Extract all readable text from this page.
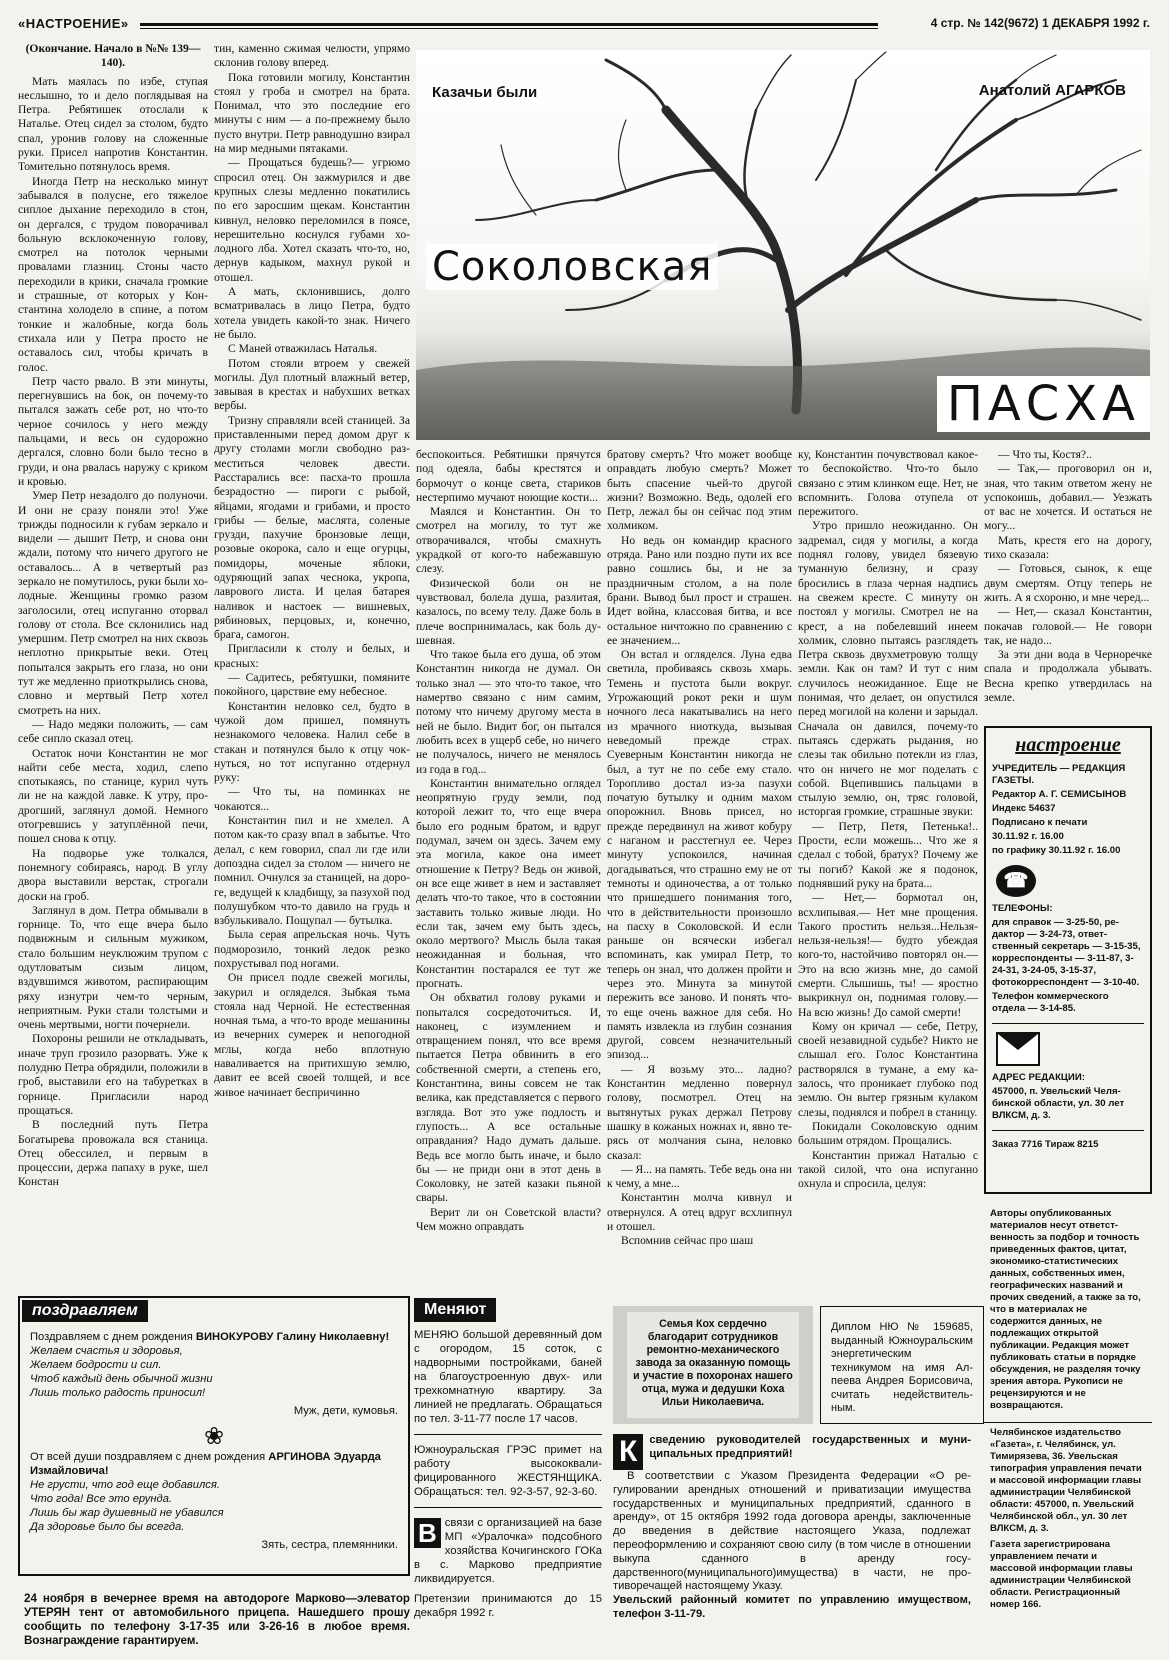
«НАСТРОЕНИЕ»	4 стр. № 142(9672) 1 ДЕКАБРЯ 1992 г.
Казачьи были	Анатолий АГАРКОВ
Соколовская
ПАСХА

(Окончание. Начало в №№ 139—140).

Мать маялась по избе, ступая неслышно, то и дело поглядывая на Петра. Ребятишек отослали к Наталье. Отец сидел за столом, будто спал, уронив голову на сложенные руки. Присел напротив Константин. Томительно потянулось время.

Иногда Петр на несколько минут забывался в полусне, его тяжелое сиплое дыхание переходило в стон, он дергался, с трудом поворачивал больную всклокоченную голову, смотрел на потолок черными провалами глазниц. Стоны часто переходили в крики, сначала громкие и страшные, от которых у Константина холодело в спине, а потом тонкие и жалобные, когда боль стихала или у Петра просто не оставалось сил, чтобы кричать в голос.

Петр часто рвало. В эти минуты, перегнувшись на бок, он почему-то пытался зажать себе рот, но что-то черное сочилось у него между пальцами, и весь он судорожно дергался, словно боли было тесно в груди, и она рвалась наружу с криком и кровью.

Умер Петр незадолго до полуночи. И они не сразу поняли это! Уже трижды подносили к губам зеркало и видели — дышит Петр, и снова они ждали, потому что ничего другого не оставалось... А в четвертый раз зеркало не помутилось, руки были холодные. Женщины громко разом заголосили, отец испуганно оторвал голову от стола. Все склонились над умершим. Петр смотрел на них сквозь неплотно прикрытые веки. Отец попытался закрыть его глаза, но они тут же медленно приоткрылись снова, словно и мертвый Петр хотел смотреть на них.

— Надо медяки положить, — сам себе сипло сказал отец.

Остаток ночи Константин не мог найти себе места, ходил, слепо спотыкаясь, по станице, курил чуть ли не на каждой лавке. К утру, продрогший, заглянул домой. Немного отогревшись у затуплённой печи, пошел снова к отцу.

На подворье уже толкался, понемногу собираясь, народ. В углу двора выставили верстак, строгали доски на гроб.

Заглянул в дом. Петра обмывали в горнице. То, что еще вчера было подвижным и сильным мужиком, стало большим неуклюжим трупом с одутловатым сизым лицом, вздувшимся животом, распирающим ряху изнутри чем-то черным, неприятным. Руки стали толстыми и очень мертвыми, ногти почернели.

Похороны решили не откладывать, иначе труп грозило разорвать. Уже к полудню Петра обрядили, положили в гроб, выставили его на табуретках в горнице. Пригласили народ прощаться.

В последний путь Петра Богатырева провожала вся станица. Отец обессилел, и первым в процессии, держа папаху в руке, шел Констан

тин, каменно сжимая челюсти, упрямо склонив голову вперед.

Пока готовили могилу, Константин стоял у гроба и смотрел на брата. Понимал, что это последние его минуты с ним — а по-прежнему было пусто внутри. Петр равнодушно взирал на мир медными пятаками.

— Прощаться будешь?— угрюмо спросил отец. Он зажмурился и две крупных слезы медленно покатились по его заросшим щекам. Константин кивнул, неловко переломился в поясе, нерешительно коснулся губами холодного лба. Хотел сказать что-то, но, дернув кадыком, махнул рукой и отошел.

А мать, склонившись, долго всматривалась в лицо Петра, будто хотела увидеть какой-то знак. Ничего не было.

С Маней отважилась Наталья.

Потом стояли втроем у свежей могилы. Дул плотный влажный ветер, завывая в крестах и набухших ветках вербы.

Тризну справляли всей станицей. За приставленными перед домом друг к другу столами могли свободно разместиться человек двести. Расстарались все: пасха-то прошла безрадостно — пироги с рыбой, яйцами, ягодами и грибами, и просто грибы — белые, маслята, соленые грузди, пахучие бронзовые лещи, розовые окорока, сало и еще огурцы, помидоры, моченые яблоки, одуряющий запах чеснока, укропа, лаврового листа. И целая батарея наливок и настоек — вишневых, рябиновых, перцовых, и, конечно, брага, самогон.

Пригласили к столу и белых, и красных:

— Садитесь, ребятушки, помяните покойного, царствие ему небесное.

Константин неловко сел, будто в чужой дом пришел, помянуть незнакомого человека. Налил себе в стакан и потянулся было к отцу чокнуться, но тот испуганно отдернул руку:

— Что ты, на поминках не чокаются...

Константин пил и не хмелел. А потом как-то сразу впал в забытье. Что делал, с кем говорил, спал ли где или допоздна сидел за столом — ничего не помнил. Очнулся за станицей, на дороге, ведущей к кладбищу, за пазухой под полушубком что-то давило на грудь и взбулькивало. Пощупал — бутылка.

Была серая апрельская ночь. Чуть подморозило, тонкий ледок резко похрустывал под ногами.

Он присел подле свежей могилы, закурил и огляделся. Зыбкая тьма стояла над Черной. Не естественная ночная тьма, а что-то вроде мешанины из вечерних сумерек и непогодной мглы, когда небо вплотную наваливается на притихшую землю, давит ее всей своей толщей, и все живое начинает беспричинно

беспокоиться. Ребятишки прячутся под одеяла, бабы крестятся и бормочут о конце света, стариков нестерпимо мучают ноющие кости...

Маялся и Константин. Он то смотрел на могилу, то тут же отворачивался, чтобы смахнуть украдкой от кого-то набежавшую слезу.

Физической боли он не чувствовал, болела душа, разлитая, казалось, по всему телу. Даже боль в плече воспринималась, как боль душевная.

Что такое была его душа, об этом Константин никогда не думал. Он только знал — это что-то такое, что намертво связано с ним самим, потому что ничему другому места в ней не было. Видит бог, он пытался любить всех в ущерб себе, но ничего не получалось, ничего не менялось из года в год...

Константин внимательно оглядел неопрятную груду земли, под которой лежит то, что еще вчера было его родным братом, и вдруг подумал, зачем он здесь. Зачем ему эта могила, какое она имеет отношение к Петру? Ведь он живой, он все еще живет в нем и заставляет делать что-то такое, что в состоянии заставить только живые люди. Но если так, зачем ему быть здесь, около мертвого? Мысль была такая неожиданная и больная, что Константин постарался ее тут же прогнать.

Он обхватил голову руками и попытался сосредоточиться. И, наконец, с изумлением и отвращением понял, что все время пытается Петра обвинить в его собственной смерти, а степень его, Константина, вины совсем не так велика, как представляется с первого взгляда. Вот это уже подлость и глупость... А все остальные оправдания? Надо думать дальше. Ведь все могло быть иначе, и было бы — не приди они в этот день в Соколовку, не затей казаки пьяной свары.

Верит ли он Советской власти? Чем можно оправдать

братову смерть? Что может вообще оправдать любую смерть? Может быть спасение чьей-то другой жизни? Возможно. Ведь, одолей его Петр, лежал бы он сейчас под этим холмиком.

Но ведь он командир красного отряда. Рано или поздно пути их все равно сошлись бы, и не за праздничным столом, а на поле брани. Вывод был прост и страшен. Идет война, классовая битва, и все остальное ничтожно по сравнению с ее значением...

Он встал и огляделся. Луна едва светила, пробиваясь сквозь хмарь. Темень и пустота были вокруг. Угрожающий рокот реки и шум ночного леса накатывались на него из мрачного ниоткуда, вызывая неведомый прежде страх. Суеверным Константин никогда не был, а тут не по себе ему стало. Торопливо достал из-за пазухи початую бутылку и одним махом опорожнил. Вновь присел, но прежде передвинул на живот кобуру с наганом и расстегнул ее. Через минуту успокоился, начиная догадываться, что страшно ему не от темноты и одиночества, а от только что пришедшего понимания того, что в действительности произошло на пасху в Соколовской. И если раньше он всячески избегал вспоминать, как умирал Петр, то теперь он знал, что должен пройти и через это. Минута за минутой пережить все заново. И понять что-то еще очень важное для себя. Но память извлекла из глубин сознания другой, совсем незначительный эпизод...

— Я возьму это... ладно? Константин медленно повернул голову, посмотрел. Отец на вытянутых руках держал Петрову шашку в кожаных ножнах и, явно терясь от молчания сына, неловко сказал:

— Я... на память. Тебе ведь она ни к чему, а мне...

Константин молча кивнул и отвернулся. А отец вдруг всхлипнул и отошел.

Вспомнив сейчас про шаш

ку, Константин почувствовал какое-то беспокойство. Что-то было связано с этим клинком еще. Нет, не вспомнить. Голова отупела от пережитого.

Утро пришло неожиданно. Он задремал, сидя у могилы, а когда поднял голову, увидел бязевую туманную белизну, и сразу бросились в глаза черная надпись на свежем кресте. С минуту он постоял у могилы. Смотрел не на крест, а на побелевший инеем холмик, словно пытаясь разглядеть Петра сквозь двухметровую толщу земли. Как он там? И тут с ним случилось неожиданное. Еще не понимая, что делает, он опустился перед могилой на колени и зарыдал. Сначала он давился, почему-то пытаясь сдержать рыдания, но слезы так обильно потекли из глаз, что он ничего не мог поделать с собой. Вцепившись пальцами в стылую землю, он, тряс головой, исторгая громкие, страшные звуки:

— Петр, Петя, Петенька!.. Прости, если можешь... Что же я сделал с тобой, братух? Почему же ты погиб? Какой же я подонок, поднявший руку на брата...

— Нет,— бормотал он, всхлипывая.— Нет мне прощения. Такого простить нельзя...Нельзя-нельзя-нельзя!— будто убеждая кого-то, настойчиво повторял он.— Это на всю жизнь мне, до самой смерти. Слышишь, ты! — яростно выкрикнул он, поднимая голову.— На всю жизнь! До самой смерти!

Кому он кричал — себе, Петру, своей незавидной судьбе? Никто не слышал его. Голос Константина растворялся в тумане, а ему казалось, что проникает глубоко под землю. Он вытер грязным кулаком слезы, поднялся и побрел в станицу.

Покидали Соколовскую одним большим отрядом. Прощались.

Константин прижал Наталью с такой силой, что она испуганно охнула и спросила, целуя:

— Что ты, Костя?..

— Так,— проговорил он и, зная, что таким ответом жену не успокоишь, добавил.— Уезжать от вас не хочется. И остаться не могу...

Мать, крестя его на дорогу, тихо сказала:

— Готовься, сынок, к еще двум смертям. Отцу теперь не жить. А я схороню, и мне черед...

— Нет,— сказал Константин, покачав головой.— Не говори так, не надо...

За эти дни вода в Черноречке спала и продолжала убывать. Весна крепко утвердилась на земле.

настроение

УЧРЕДИТЕЛЬ — РЕДАКЦИЯ ГАЗЕТЫ.

Редактор А. Г. СЕМИСЫНОВ

Индекс 54637

Подписано к печати

30.11.92 г. 16.00

по графику 30.11.92 г. 16.00

☎

ТЕЛЕФОНЫ:

для справок — 3-25-50, редактор — 3-24-73, ответственный секретарь — 3-15-35, корреспонденты — 3-11-87, 3-24-31, 3-24-05, 3-15-37, фотокорреспондент — 3-10-40.

Телефон коммерческого отдела — 3-14-85.

АДРЕС РЕДАКЦИИ:

457000, п. Увельский Челябинской области, ул. 30 лет ВЛКСМ, д. 3.

Заказ 7716 Тираж 8215

Авторы опубликованных материалов несут ответственность за подбор и точность приведенных фактов, цитат, экономико-статистических данных, собственных имен, географических названий и прочих сведений, а также за то, что в материалах не содержится данных, не подлежащих открытой публикации. Редакция может публиковать статьи в порядке обсуждения, не разделяя точку зрения автора. Рукописи не рецензируются и не возвращаются.

Челябинское издательство «Газета», г. Челябинск, ул. Тимирязева, 36. Увельская типография управления печати и массовой информации главы администрации Челябинской области: 457000, п. Увельский Челябинской обл., ул. 30 лет ВЛКСМ, д. 3.

Газета зарегистрирована управлением печати и массовой информации главы администрации Челябинской области. Регистрационный номер 166.

поздравляем
Поздравляем с днем рождения ВИНОКУРОВУ Галину Николаевну!
Желаем счастья и здоровья,
Желаем бодрости и сил.
Чтоб каждый день обычной жизни
Лишь только радость приносил!
Муж, дети, кумовья.
❀
От всей души поздравляем с днем рождения АРГИНОВА Эдуарда Измайловича!
Не грусти, что год еще добавился.
Что года! Все это ерунда.
Лишь бы жар душевный не убавился
Да здоровье было бы всегда.
Зять, сестра, племянники.
24 ноября в вечернее время на автодороге Марково—элеватор УТЕРЯН тент от автомобильного прицепа. Нашедшего прошу сообщить по телефону 3-17-35 или 3-26-16 в любое время. Вознаграждение гарантируем.
Меняют

МЕНЯЮ большой деревянный дом с огородом, 15 соток, с надворными постройками, баней на благоустроенную двух- или трехкомнатную квартиру. За линией не предлагать. Обращаться по тел. 3-11-77 после 17 часов.

Южноуральская ГРЭС примет на работу высококвалифицированного ЖЕСТЯНЩИКА. Обращаться: тел. 92-3-57, 92-3-60.

В связи с организацией на базе МП «Уралочка» подсобного хозяйства Кочигинского ГОКа в с. Марково предприятие ликвидируется.

Претензии принимаются до 15 декабря 1992 г.

Семья Кох сердечно благодарит сотрудников ремонтно-механического завода за оказанную помощь и участие в похоронах нашего отца, мужа и дедушки Коха Ильи Николаевича.
Диплом НЮ № 159685, выданный Южноуральским энергетическим техникумом на имя Алпеева Андрея Борисовича, считать недействительным.
К	сведению руководителей государственных и муниципальных предприятий!

В соответствии с Указом Президента Федерации «О регулировании арендных отношений и приватизации имущества государственных и муниципальных предприятий, сданного в аренду», от 15 октября 1992 года договора аренды, заключенные до введения в действие настоящего Указа, подлежат переоформлению и сохраняют свою силу (в том числе в отношении выкупа сданного в аренду государственного(муниципального)имущества) в части, не противоречащей настоящему Указу.

Увельский районный комитет по управлению имуществом, телефон 3-11-79.
